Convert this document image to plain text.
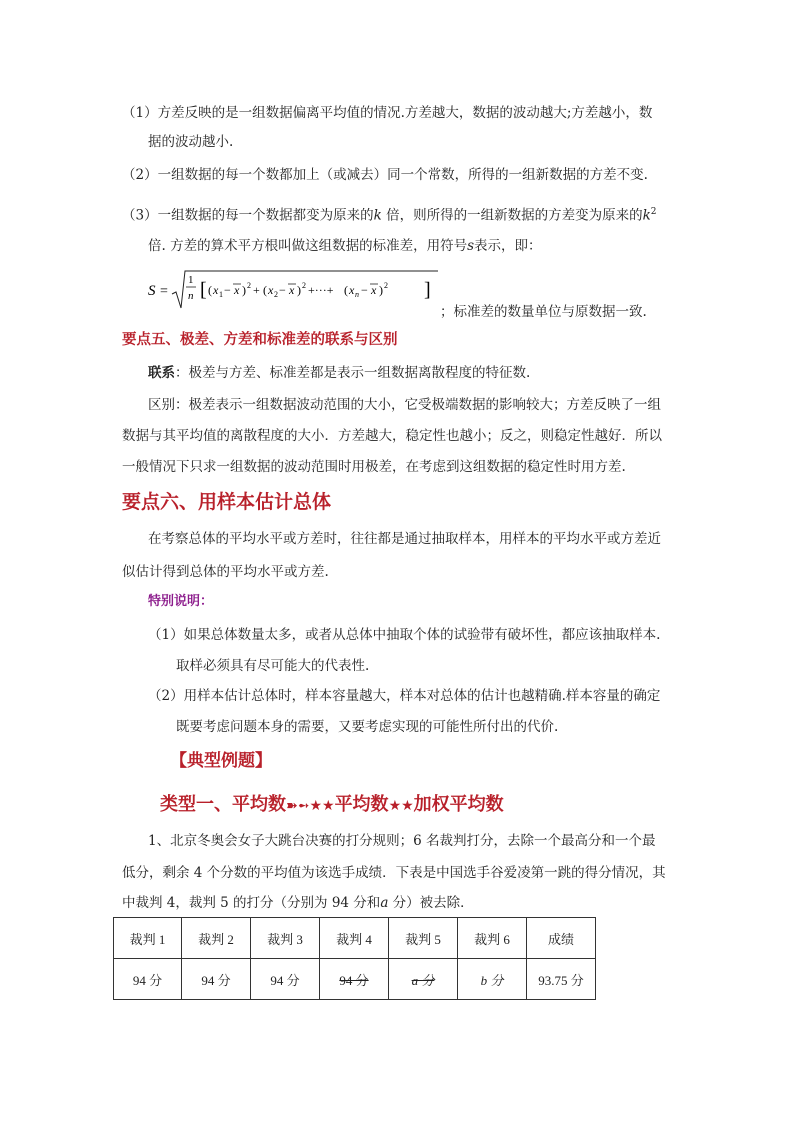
（1）方差反映的是一组数据偏离平均值的情况.方差越大，数据的波动越大;方差越小，数
据的波动越小.
（2）一组数据的每一个数都加上（或减去）同一个常数，所得的一组新数据的方差不变.
（3）一组数据的每一个数据都变为原来的k 倍，则所得的一组新数据的方差变为原来的$k^2$
倍. 方差的算术平方根叫做这组数据的标准差，用符号s表示，即：
S =
1
n [ ( x 1 − x ) 2 + ( x 2 − x ) 2 +···+ ( x n − x ) 2 ]
；标准差的数量单位与原数据一致.
要点五、极差、方差和标准差的联系与区别
联系：极差与方差、标准差都是表示一组数据离散程度的特征数.
区别：极差表示一组数据波动范围的大小，它受极端数据的影响较大；方差反映了一组
数据与其平均值的离散程度的大小．方差越大，稳定性也越小；反之，则稳定性越好．所以
一般情况下只求一组数据的波动范围时用极差，在考虑到这组数据的稳定性时用方差.
要点六、用样本估计总体
在考察总体的平均水平或方差时，往往都是通过抽取样本，用样本的平均水平或方差近
似估计得到总体的平均水平或方差.
特别说明：
（1）如果总体数量太多，或者从总体中抽取个体的试验带有破坏性，都应该抽取样本.
取样必须具有尽可能大的代表性.
（2）用样本估计总体时，样本容量越大，样本对总体的估计也越精确.样本容量的确定
既要考虑问题本身的需要，又要考虑实现的可能性所付出的代价.
【典型例题】
类型一、平均数➽➻★★平均数★★加权平均数
1、北京冬奥会女子大跳台决赛的打分规则；6 名裁判打分，去除一个最高分和一个最
低分，剩余 4 个分数的平均值为该选手成绩．下表是中国选手谷爱凌第一跳的得分情况，其
中裁判 4，裁判 5 的打分（分别为 94 分和a 分）被去除．
裁判 1	裁判 2	裁判 3	裁判 4	裁判 5	裁判 6	成绩
94 分	94 分	94 分	94 分	a 分	b 分	93.75 分
